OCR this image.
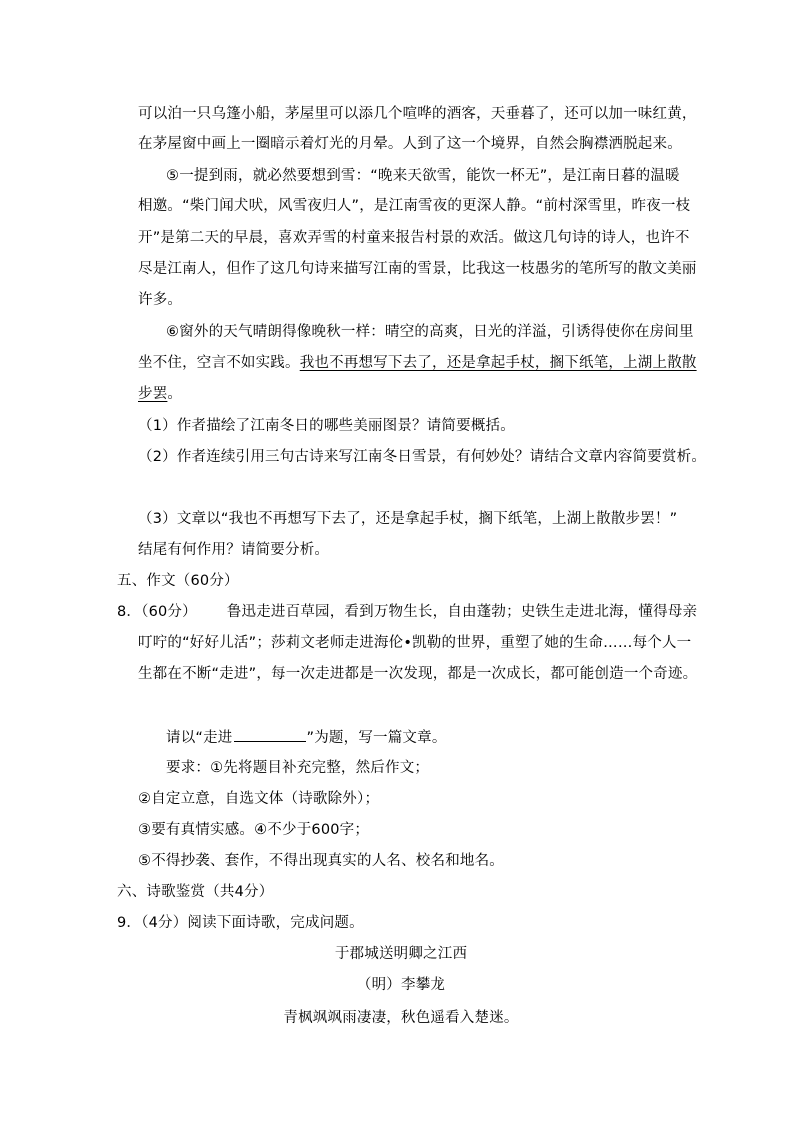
可以泊一只乌篷小船，茅屋里可以添几个喧哗的酒客，天垂暮了，还可以加一味红黄，
在茅屋窗中画上一圈暗示着灯光的月晕。人到了这一个境界，自然会胸襟洒脱起来。
⑤一提到雨，就必然要想到雪：“晚来天欲雪，能饮一杯无”，是江南日暮的温暖
相邀。“柴门闻犬吠，风雪夜归人”，是江南雪夜的更深人静。“前村深雪里，昨夜一枝
开”是第二天的早晨，喜欢弄雪的村童来报告村景的欢活。做这几句诗的诗人，也许不
尽是江南人，但作了这几句诗来描写江南的雪景，比我这一枝愚劣的笔所写的散文美丽
许多。
⑥窗外的天气晴朗得像晚秋一样：晴空的高爽，日光的洋溢，引诱得使你在房间里
坐不住，空言不如实践。我也不再想写下去了，还是拿起手杖，搁下纸笔，上湖上散散
步罢。
（1）作者描绘了江南冬日的哪些美丽图景？请简要概括。
（2）作者连续引用三句古诗来写江南冬日雪景，有何妙处？请结合文章内容简要赏析。
（3）文章以“我也不再想写下去了，还是拿起手杖，搁下纸笔，上湖上散散步罢！”
结尾有何作用？请简要分析。
五、作文（60分）
8．（60分） 鲁迅走进百草园，看到万物生长，自由蓬勃；史铁生走进北海，懂得母亲
叮咛的“好好儿活”；莎莉文老师走进海伦•凯勒的世界，重塑了她的生命……每个人一
生都在不断“走进”，每一次走进都是一次发现，都是一次成长，都可能创造一个奇迹。
请以“走进	”为题，写一篇文章。
要求：①先将题目补充完整，然后作文；
②自定立意，自选文体（诗歌除外）；
③要有真情实感。④不少于600字；
⑤不得抄袭、套作，不得出现真实的人名、校名和地名。
六、诗歌鉴赏（共4分）
9．（4分）阅读下面诗歌，完成问题。
于郡城送明卿之江西
（明）李攀龙
青枫飒飒雨凄凄，秋色遥看入楚迷。
